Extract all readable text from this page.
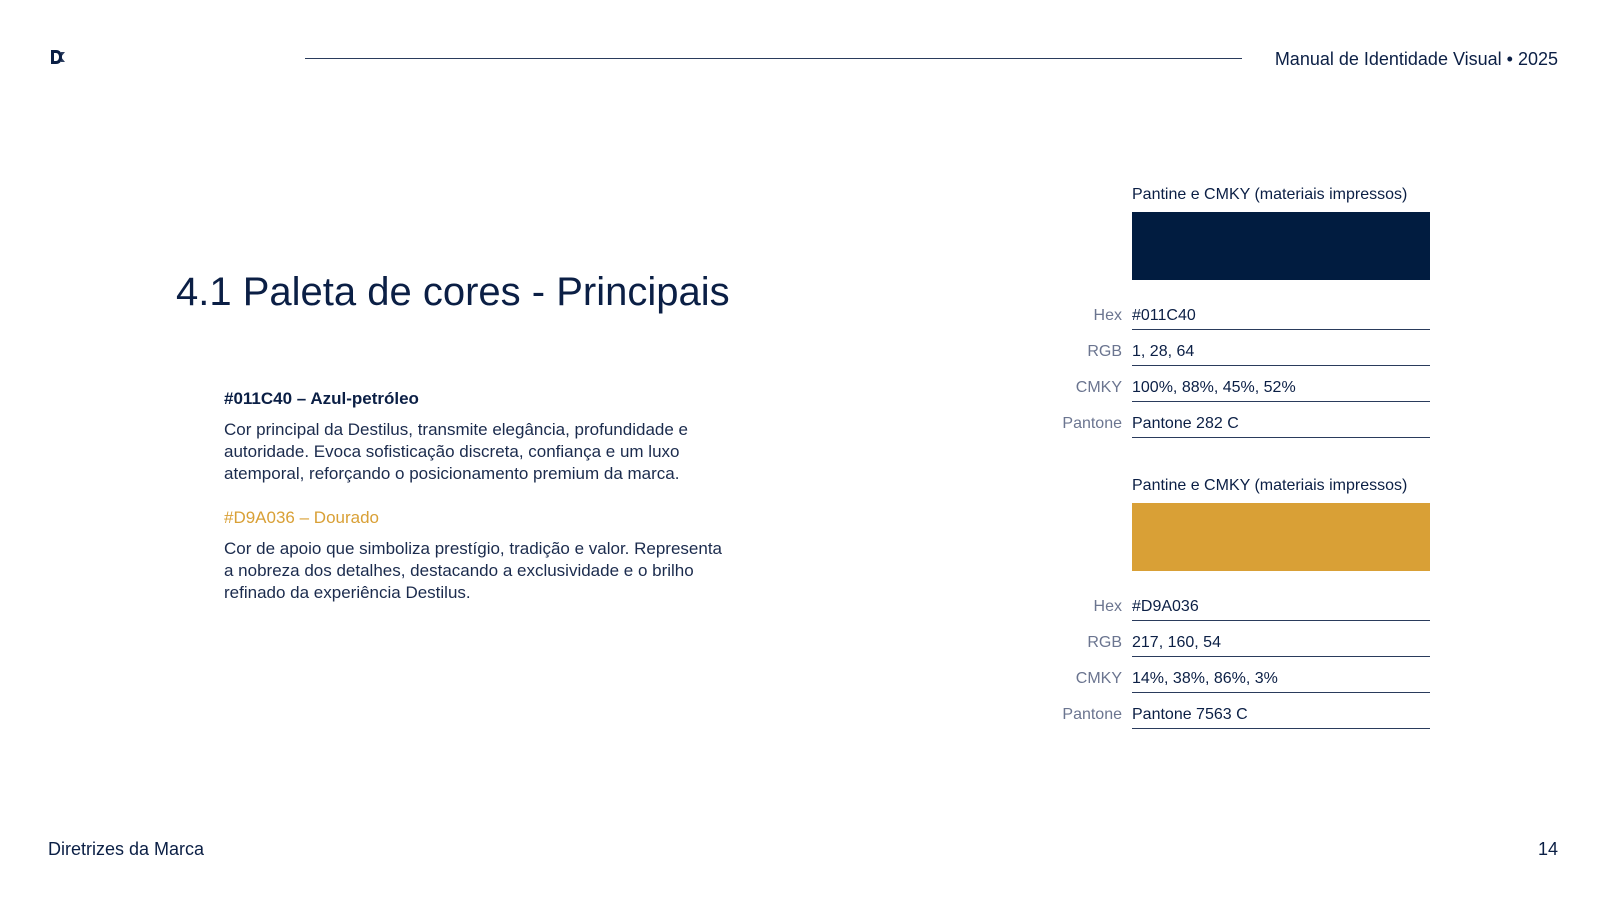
Manual de Identidade Visual • 2025
4.1 Paleta de cores - Principais

#011C40 – Azul-petróleo

Cor principal da Destilus, transmite elegância, profundidade e autoridade. Evoca sofisticação discreta, confiança e um luxo atemporal, reforçando o posicionamento premium da marca.

#D9A036 – Dourado

Cor de apoio que simboliza prestígio, tradição e valor. Representa a nobreza dos detalhes, destacando a exclusividade e o brilho refinado da experiência Destilus.

Pantine e CMKY (materiais impressos)
Hex #011C40
RGB 1, 28, 64
CMKY 100%, 88%, 45%, 52%
Pantone Pantone 282 C
Pantine e CMKY (materiais impressos)
Hex #D9A036
RGB 217, 160, 54
CMKY 14%, 38%, 86%, 3%
Pantone Pantone 7563 C
Diretrizes da Marca	14
